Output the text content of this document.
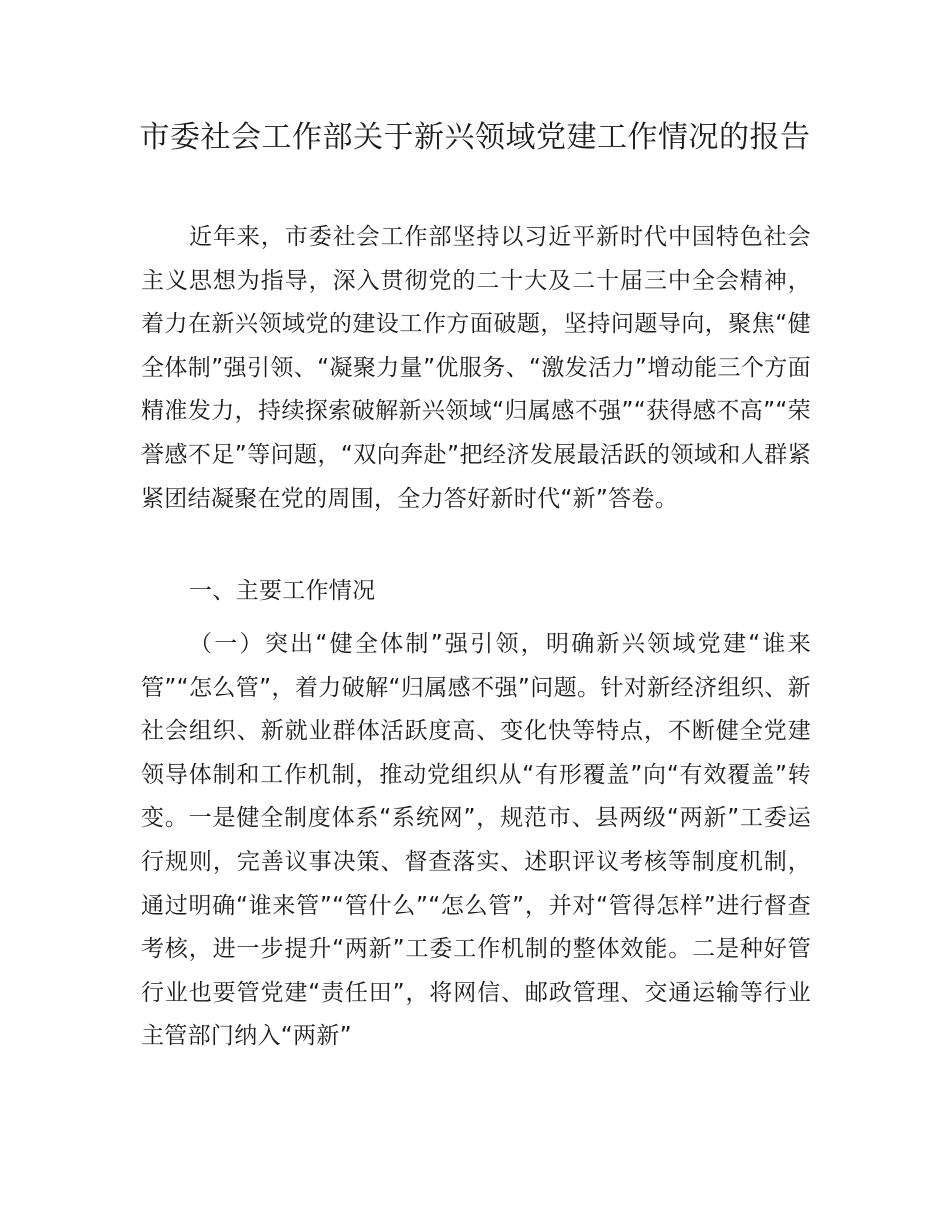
市委社会工作部关于新兴领域党建工作情况的报告

近年来，市委社会工作部坚持以习近平新时代中国特色社会主义思想为指导，深入贯彻党的二十大及二十届三中全会精神，着力在新兴领域党的建设工作方面破题，坚持问题导向，聚焦“健全体制”强引领、“凝聚力量”优服务、“激发活力”增动能三个方面精准发力，持续探索破解新兴领域“归属感不强”“获得感不高”“荣誉感不足”等问题，“双向奔赴”把经济发展最活跃的领域和人群紧紧团结凝聚在党的周围，全力答好新时代“新”答卷。

一、主要工作情况

（一）突出“健全体制”强引领，明确新兴领域党建“谁来管”“怎么管”，着力破解“归属感不强”问题。针对新经济组织、新社会组织、新就业群体活跃度高、变化快等特点，不断健全党建领导体制和工作机制，推动党组织从“有形覆盖”向“有效覆盖”转变。一是健全制度体系“系统网”，规范市、县两级“两新”工委运行规则，完善议事决策、督查落实、述职评议考核等制度机制，通过明确“谁来管”“管什么”“怎么管”，并对“管得怎样”进行督查考核，进一步提升“两新”工委工作机制的整体效能。二是种好管行业也要管党建“责任田”，将网信、邮政管理、交通运输等行业主管部门纳入“两新”
